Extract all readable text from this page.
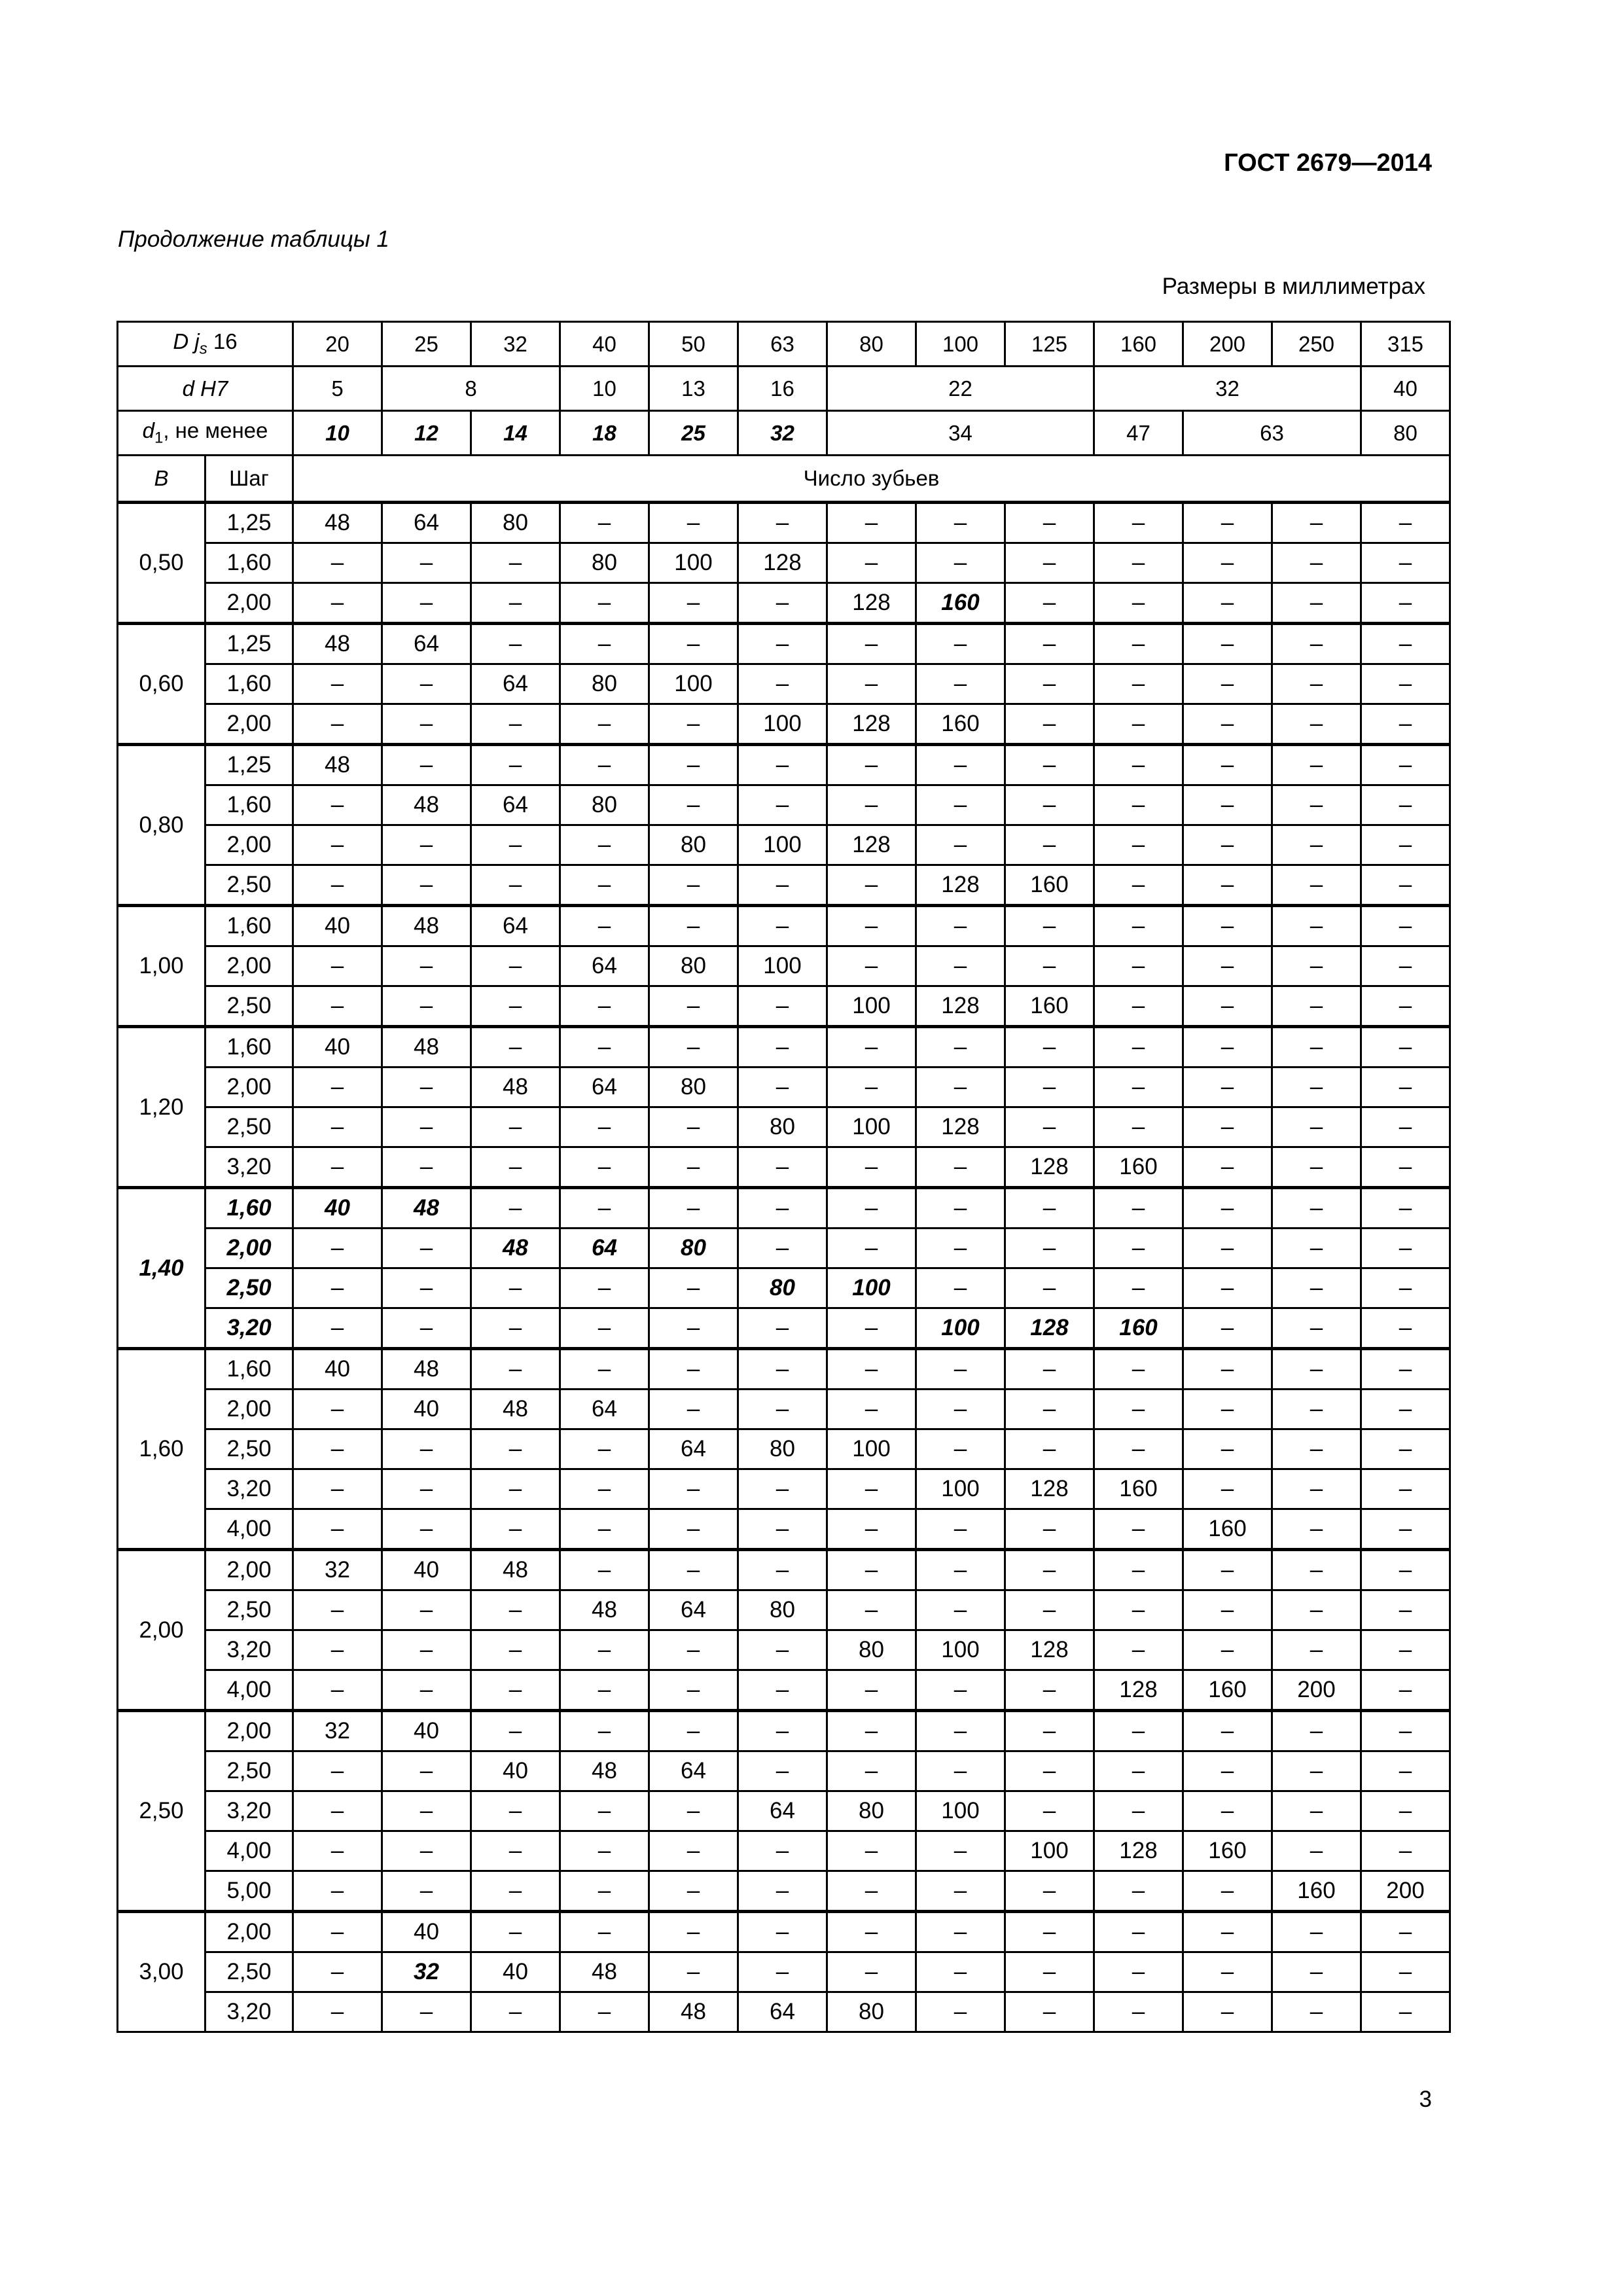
ГОСТ 2679—2014
Продолжение таблицы 1
Размеры в миллиметрах
D $j_s$ 16		20	25	32	40	50	63	80	100	125	160	200	250	315
d H7		5	8		10	13	16	22			32			40
$d_1$, не менее		10	12	14	18	25	32	34			47	63		80
B	Шаг	Число зубьев												
0,50	1,25	48	64	80	–	–	–	–	–	–	–	–	–	–
	1,60	–	–	–	80	100	128	–	–	–	–	–	–	–
	2,00	–	–	–	–	–	–	128	160	–	–	–	–	–
0,60	1,25	48	64	–	–	–	–	–	–	–	–	–	–	–
	1,60	–	–	64	80	100	–	–	–	–	–	–	–	–
	2,00	–	–	–	–	–	100	128	160	–	–	–	–	–
0,80	1,25	48	–	–	–	–	–	–	–	–	–	–	–	–
	1,60	–	48	64	80	–	–	–	–	–	–	–	–	–
	2,00	–	–	–	–	80	100	128	–	–	–	–	–	–
	2,50	–	–	–	–	–	–	–	128	160	–	–	–	–
1,00	1,60	40	48	64	–	–	–	–	–	–	–	–	–	–
	2,00	–	–	–	64	80	100	–	–	–	–	–	–	–
	2,50	–	–	–	–	–	–	100	128	160	–	–	–	–
1,20	1,60	40	48	–	–	–	–	–	–	–	–	–	–	–
	2,00	–	–	48	64	80	–	–	–	–	–	–	–	–
	2,50	–	–	–	–	–	80	100	128	–	–	–	–	–
	3,20	–	–	–	–	–	–	–	–	128	160	–	–	–
1,40	1,60	40	48	–	–	–	–	–	–	–	–	–	–	–
	2,00	–	–	48	64	80	–	–	–	–	–	–	–	–
	2,50	–	–	–	–	–	80	100	–	–	–	–	–	–
	3,20	–	–	–	–	–	–	–	100	128	160	–	–	–
1,60	1,60	40	48	–	–	–	–	–	–	–	–	–	–	–
	2,00	–	40	48	64	–	–	–	–	–	–	–	–	–
	2,50	–	–	–	–	64	80	100	–	–	–	–	–	–
	3,20	–	–	–	–	–	–	–	100	128	160	–	–	–
	4,00	–	–	–	–	–	–	–	–	–	–	160	–	–
2,00	2,00	32	40	48	–	–	–	–	–	–	–	–	–	–
	2,50	–	–	–	48	64	80	–	–	–	–	–	–	–
	3,20	–	–	–	–	–	–	80	100	128	–	–	–	–
	4,00	–	–	–	–	–	–	–	–	–	128	160	200	–
2,50	2,00	32	40	–	–	–	–	–	–	–	–	–	–	–
	2,50	–	–	40	48	64	–	–	–	–	–	–	–	–
	3,20	–	–	–	–	–	64	80	100	–	–	–	–	–
	4,00	–	–	–	–	–	–	–	–	100	128	160	–	–
	5,00	–	–	–	–	–	–	–	–	–	–	–	160	200
3,00	2,00	–	40	–	–	–	–	–	–	–	–	–	–	–
	2,50	–	32	40	48	–	–	–	–	–	–	–	–	–
	3,20	–	–	–	–	48	64	80	–	–	–	–	–	–
3
